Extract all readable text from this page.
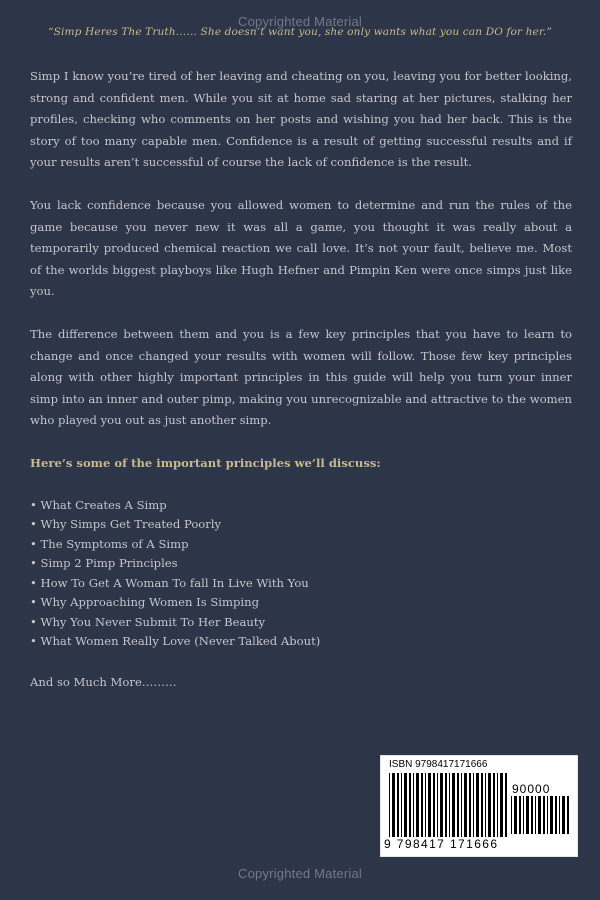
Copyrighted Material
“Simp Heres The Truth…… She doesn’t want you, she only wants what you can DO for her.”

Simp I know you’re tired of her leaving and cheating on you, leaving you for better looking, strong and confident men. While you sit at home sad staring at her pictures, stalking her profiles, checking who comments on her posts and wishing you had her back. This is the story of too many capable men. Confidence is a result of getting successful results and if your results aren’t successful of course the lack of confidence is the result.

You lack confidence because you allowed women to determine and run the rules of the game because you never new it was all a game, you thought it was really about a temporarily produced chemical reaction we call love. It’s not your fault, believe me. Most of the worlds biggest playboys like Hugh Hefner and Pimpin Ken were once simps just like you.

The difference between them and you is a few key principles that you have to learn to change and once changed your results with women will follow. Those few key principles along with other highly important principles in this guide will help you turn your inner simp into an inner and outer pimp, making you unrecognizable and attractive to the women who played you out as just another simp.

Here’s some of the important principles we’ll discuss:
• What Creates A Simp
• Why Simps Get Treated Poorly
• The Symptoms of A Simp
• Simp 2 Pimp Principles
• How To Get A Woman To fall In Live With You
• Why Approaching Women Is Simping
• Why You Never Submit To Her Beauty
• What Women Really Love (Never Talked About)

And so Much More………

ISBN 9798417171666
90000
9 798417 171666
Copyrighted Material
